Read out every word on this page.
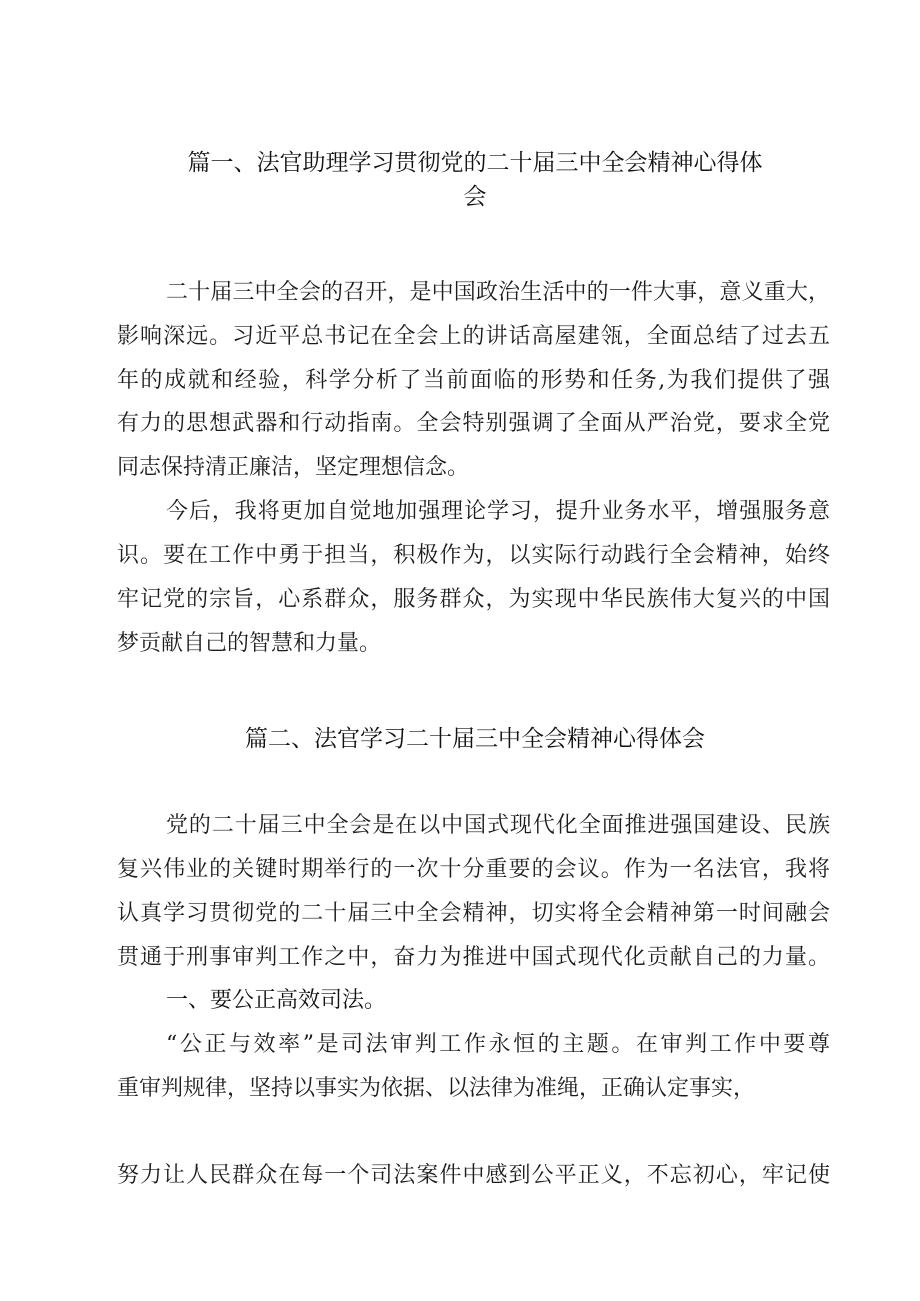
篇一、法官助理学习贯彻党的二十届三中全会精神心得体
会
二十届三中全会的召开，是中国政治生活中的一件大事，意义重大，
影响深远。习近平总书记在全会上的讲话高屋建瓴，全面总结了过去五
年的成就和经验，科学分析了当前面临的形势和任务,为我们提供了强
有力的思想武器和行动指南。全会特别强调了全面从严治党，要求全党
同志保持清正廉洁，坚定理想信念。
今后，我将更加自觉地加强理论学习，提升业务水平，增强服务意
识。要在工作中勇于担当，积极作为，以实际行动践行全会精神，始终
牢记党的宗旨，心系群众，服务群众，为实现中华民族伟大复兴的中国
梦贡献自己的智慧和力量。
篇二、法官学习二十届三中全会精神心得体会
党的二十届三中全会是在以中国式现代化全面推进强国建设、民族
复兴伟业的关键时期举行的一次十分重要的会议。作为一名法官，我将
认真学习贯彻党的二十届三中全会精神，切实将全会精神第一时间融会
贯通于刑事审判工作之中，奋力为推进中国式现代化贡献自己的力量。
一、要公正高效司法。
“公正与效率”是司法审判工作永恒的主题。在审判工作中要尊
重审判规律，坚持以事实为依据、以法律为准绳，正确认定事实，
努力让人民群众在每一个司法案件中感到公平正义，不忘初心，牢记使
